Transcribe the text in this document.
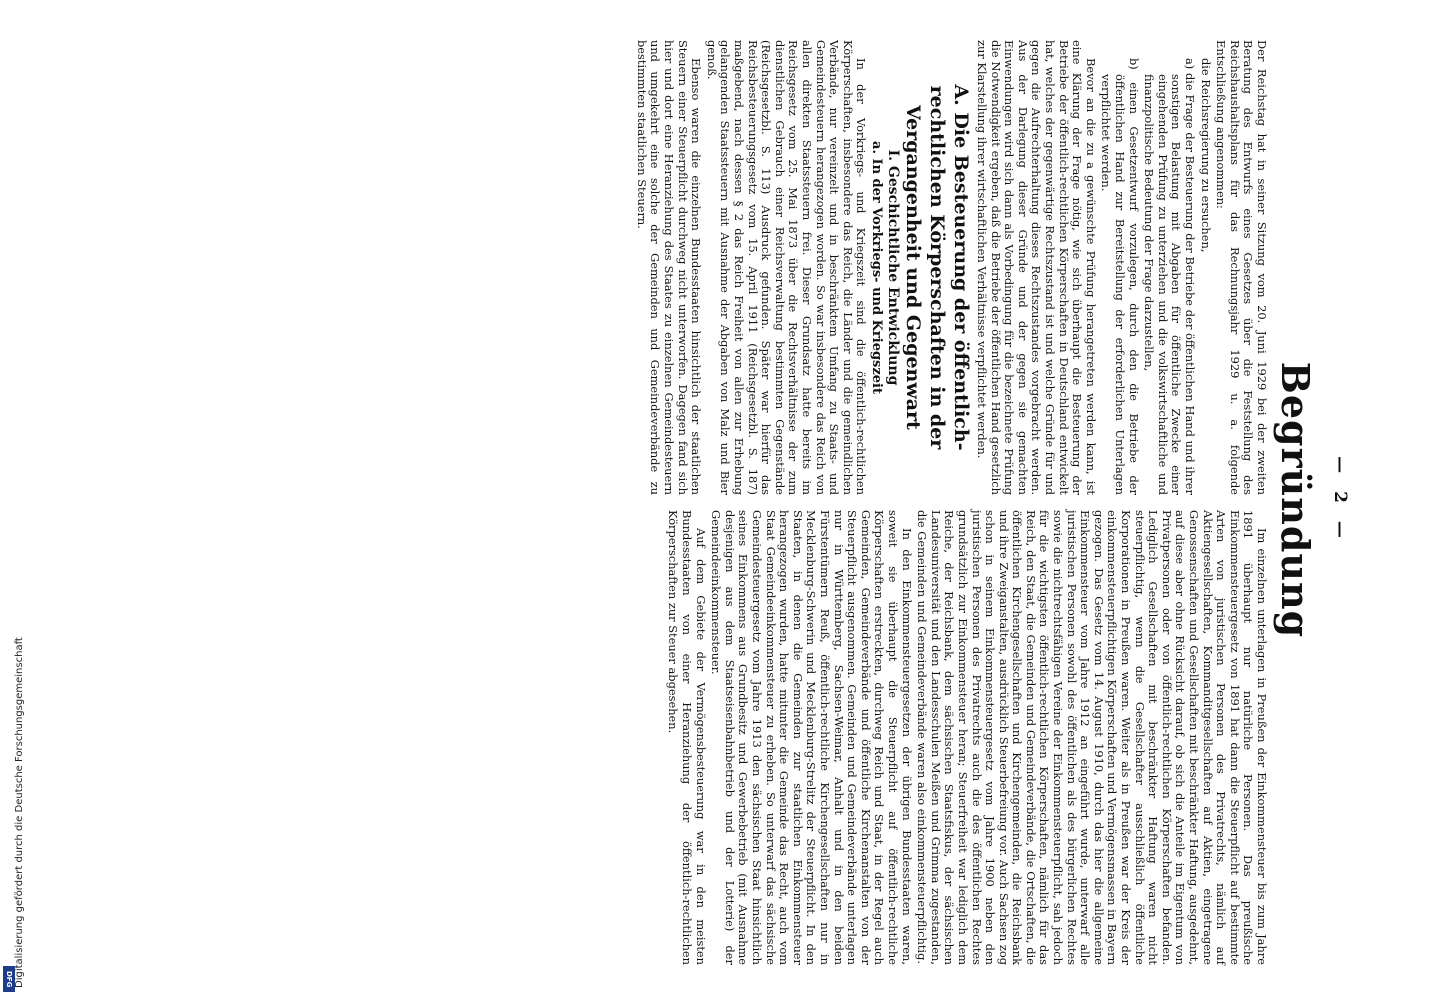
— 2 —
Begründung

Der Reichstag hat in seiner Sitzung vom 20. Juni 1929 bei der zweiten Beratung des Entwurfs eines Gesetzes über die Feststellung des Reichshaushaltsplans für das Rechnungsjahr 1929 u. a. folgende Entschließung angenommen:

die Reichsregierung zu ersuchen,

a) die Frage der Besteuerung der Betriebe der öffentlichen Hand und ihrer sonstigen Belastung mit Abgaben für öffentliche Zwecke einer eingehenden Prüfung zu unterziehen und die volkswirtschaftliche und finanzpolitische Bedeutung der Frage darzustellen,
b) einen Gesetzentwurf vorzulegen, durch den die Betriebe der öffentlichen Hand zur Bereitstellung der erforderlichen Unterlagen verpflichtet werden.

Bevor an die zu a gewünschte Prüfung herangetreten werden kann, ist eine Klärung der Frage nötig, wie sich überhaupt die Besteuerung der Betriebe der öffentlich-rechtlichen Körperschaften in Deutschland entwickelt hat, welches der gegenwärtige Rechtszustand ist und welche Gründe für und gegen die Aufrechterhaltung dieses Rechtszustandes vorgebracht werden. Aus der Darlegung dieser Gründe und der gegen sie gemachten Einwendungen wird sich dann als Vorbedingung für die bezeichnete Prüfung die Notwendigkeit ergeben, daß die Betriebe der öffentlichen Hand gesetzlich zur Klarstellung ihrer wirtschaftlichen Verhältnisse verpflichtet werden.

A. Die Besteuerung der öffentlich-rechtlichen Körperschaften in der Vergangenheit und Gegenwart

I. Geschichtliche Entwicklung

a. In der Vorkriegs- und Kriegszeit

In der Vorkriegs- und Kriegszeit sind die öffentlich-rechtlichen Körperschaften, insbesondere das Reich, die Länder und die gemeindlichen Verbände, nur vereinzelt und in beschränktem Umfang zu Staats- und Gemeindesteuern herangezogen worden. So war insbesondere das Reich von allen direkten Staatssteuern frei. Dieser Grundsatz hatte bereits im Reichsgesetz vom 25. Mai 1873 über die Rechtsverhältnisse der zum dienstlichen Gebrauch einer Reichsverwaltung bestimmten Gegenstände (Reichsgesetzbl. S. 113) Ausdruck gefunden. Später war hierfür das Reichsbesteuerungsgesetz vom 15. April 1911 (Reichsgesetzbl. S. 187) maßgebend, nach dessen § 2 das Reich Freiheit von allen zur Erhebung gelangenden Staatssteuern mit Ausnahme der Abgaben von Malz und Bier genoß.

Ebenso waren die einzelnen Bundesstaaten hinsichtlich der staatlichen Steuern einer Steuerpflicht durchweg nicht unterworfen. Dagegen fand sich hier und dort eine Heranziehung des Staates zu einzelnen Gemeindesteuern und umgekehrt eine solche der Gemeinden und Gemeindeverbände zu bestimmten staatlichen Steuern.

Im einzelnen unterlagen in Preußen der Einkommensteuer bis zum Jahre 1891 überhaupt nur natürliche Personen. Das preußische Einkommensteuergesetz von 1891 hat dann die Steuerpflicht auf bestimmte Arten von juristischen Personen des Privatrechts, nämlich auf Aktiengesellschaften, Kommanditgesellschaften auf Aktien, eingetragene Genossenschaften und Gesellschaften mit beschränkter Haftung, ausgedehnt, auf diese aber ohne Rücksicht darauf, ob sich die Anteile im Eigentum von Privatpersonen oder von öffentlich-rechtlichen Körperschaften befanden. Lediglich Gesellschaften mit beschränkter Haftung waren nicht steuerpflichtig, wenn die Gesellschafter ausschließlich öffentliche Korporationen in Preußen waren. Weiter als in Preußen war der Kreis der einkommensteuerpflichtigen Körperschaften und Vermögensmassen in Bayern gezogen. Das Gesetz vom 14. August 1910, durch das hier die allgemeine Einkommensteuer vom Jahre 1912 an eingeführt wurde, unterwarf alle juristischen Personen sowohl des öffentlichen als des bürgerlichen Rechtes sowie die nichtrechtsfähigen Vereine der Einkommensteuerpflicht, sah jedoch für die wichtigsten öffentlich-rechtlichen Körperschaften, nämlich für das Reich, den Staat, die Gemeinden und Gemeindeverbände, die Ortschaften, die öffentlichen Kirchengesellschaften und Kirchengemeinden, die Reichsbank und ihre Zweiganstalten, ausdrücklich Steuerbefreiung vor. Auch Sachsen zog schon in seinem Einkommensteuergesetz vom Jahre 1900 neben den juristischen Personen des Privatrechts auch die des öffentlichen Rechtes grundsätzlich zur Einkommensteuer heran; Steuerfreiheit war lediglich dem Reiche, der Reichsbank, dem sächsischen Staatsfiskus, der sächsischen Landesuniversität und den Landesschulen Meißen und Grimma zugestanden, die Gemeinden und Gemeindeverbände waren also einkommensteuerpflichtig.

In den Einkommensteuergesetzen der übrigen Bundesstaaten waren, soweit sie überhaupt die Steuerpflicht auf öffentlich-rechtliche Körperschaften erstreckten, durchweg Reich und Staat, in der Regel auch Gemeinden, Gemeindeverbände und öffentliche Kirchenanstalten von der Steuerpflicht ausgenommen. Gemeinden und Gemeindeverbände unterlagen nur in Württemberg, Sachsen-Weimar, Anhalt und in den beiden Fürstentümern Reuß, öffentlich-rechtliche Kirchengesellschaften nur in Mecklenburg-Schwerin und Mecklenburg-Strelitz der Steuerpflicht. In den Staaten, in denen die Gemeinden zur staatlichen Einkommensteuer herangezogen wurden, hatte mitunter die Gemeinde das Recht, auch vom Staat Gemeindeeinkommensteuer zu erheben. So unterwarf das sächsische Gemeindesteuergesetz vom Jahre 1913 den sächsischen Staat hinsichtlich seines Einkommens aus Grundbesitz und Gewerbebetrieb (mit Ausnahme desjenigen aus dem Staatseisenbahnbetrieb und der Lotterie) der Gemeindeeinkommensteuer.

Auf dem Gebiete der Vermögensbesteuerung war in den meisten Bundesstaaten von einer Heranziehung der öffentlich-rechtlichen Körperschaften zur Steuer abgesehen.

DFG Digitalisierung gefördert durch die Deutsche Forschungsgemeinschaft
